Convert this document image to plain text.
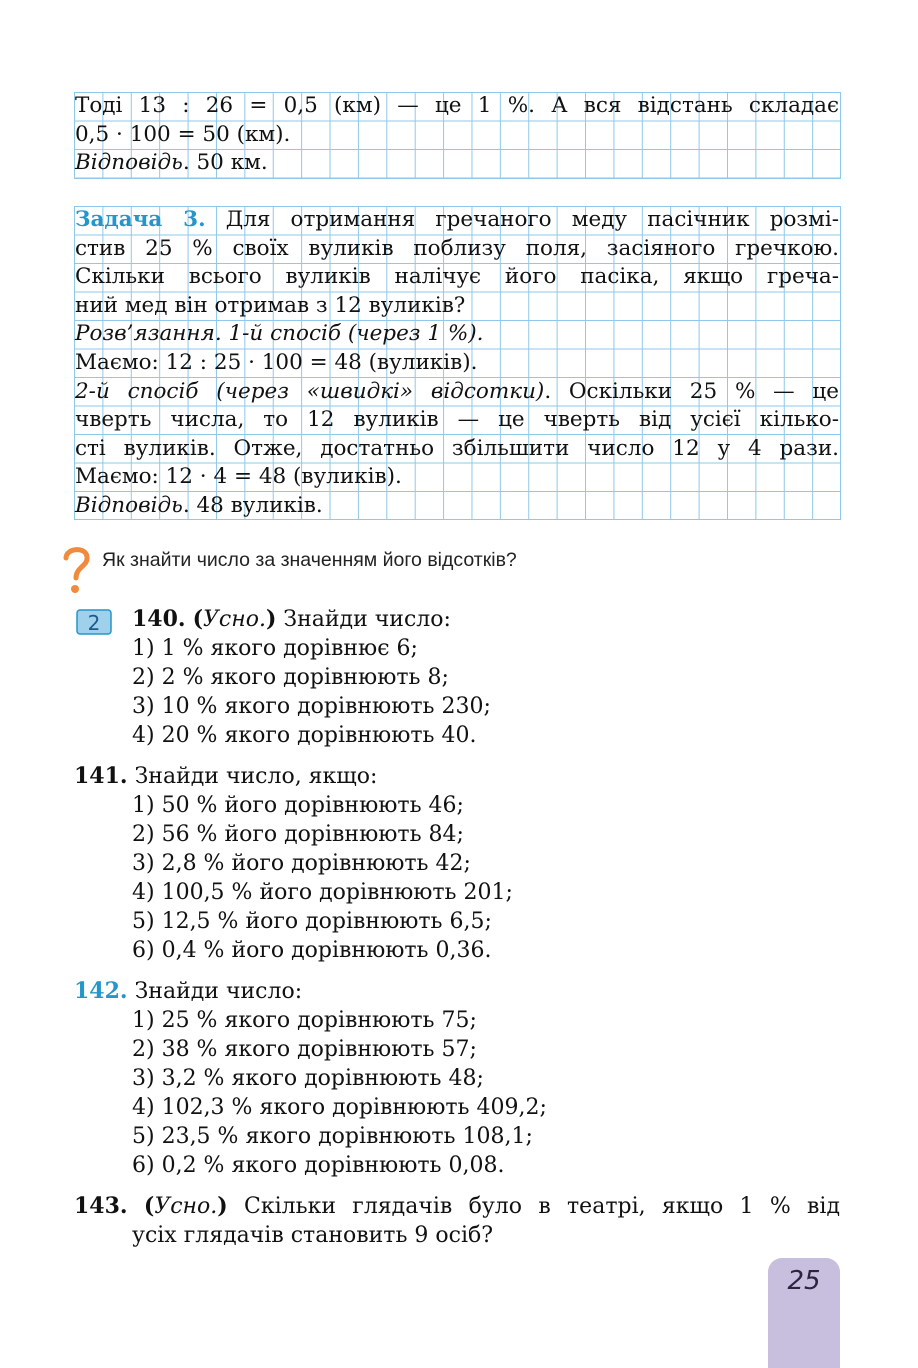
Тоді 13 : 26 = 0,5 (км) — це 1 %. А вся відстань складає
0,5 · 100 = 50 (км).
Відповідь. 50 км.
Задача 3. Для отримання гречаного меду пасічник розмі-
стив 25 % своїх вуликів поблизу поля, засіяного гречкою.
Скільки всього вуликів налічує його пасіка, якщо греча-
ний мед він отримав з 12 вуликів?
Розв’язання. 1-й спосіб (через 1 %).
Маємо: 12 : 25 · 100 = 48 (вуликів).
2-й спосіб (через «швидкі» відсотки). Оскільки 25 % — це
чверть числа, то 12 вуликів — це чверть від усієї кілько-
сті вуликів. Отже, достатньо збільшити число 12 у 4 рази.
Маємо: 12 · 4 = 48 (вуликів).
Відповідь. 48 вуликів.
Як знайти число за значенням його відсотків?
2 140. (Усно.) Знайди число:
1) 1 % якого дорівнює 6;
2) 2 % якого дорівнюють 8;
3) 10 % якого дорівнюють 230;
4) 20 % якого дорівнюють 40.
141. Знайди число, якщо:
1) 50 % його дорівнюють 46;
2) 56 % його дорівнюють 84;
3) 2,8 % його дорівнюють 42;
4) 100,5 % його дорівнюють 201;
5) 12,5 % його дорівнюють 6,5;
6) 0,4 % його дорівнюють 0,36.
142. Знайди число:
1) 25 % якого дорівнюють 75;
2) 38 % якого дорівнюють 57;
3) 3,2 % якого дорівнюють 48;
4) 102,3 % якого дорівнюють 409,2;
5) 23,5 % якого дорівнюють 108,1;
6) 0,2 % якого дорівнюють 0,08.
143. (Усно.) Скільки глядачів було в театрі, якщо 1 % від
усіх глядачів становить 9 осіб?
25
